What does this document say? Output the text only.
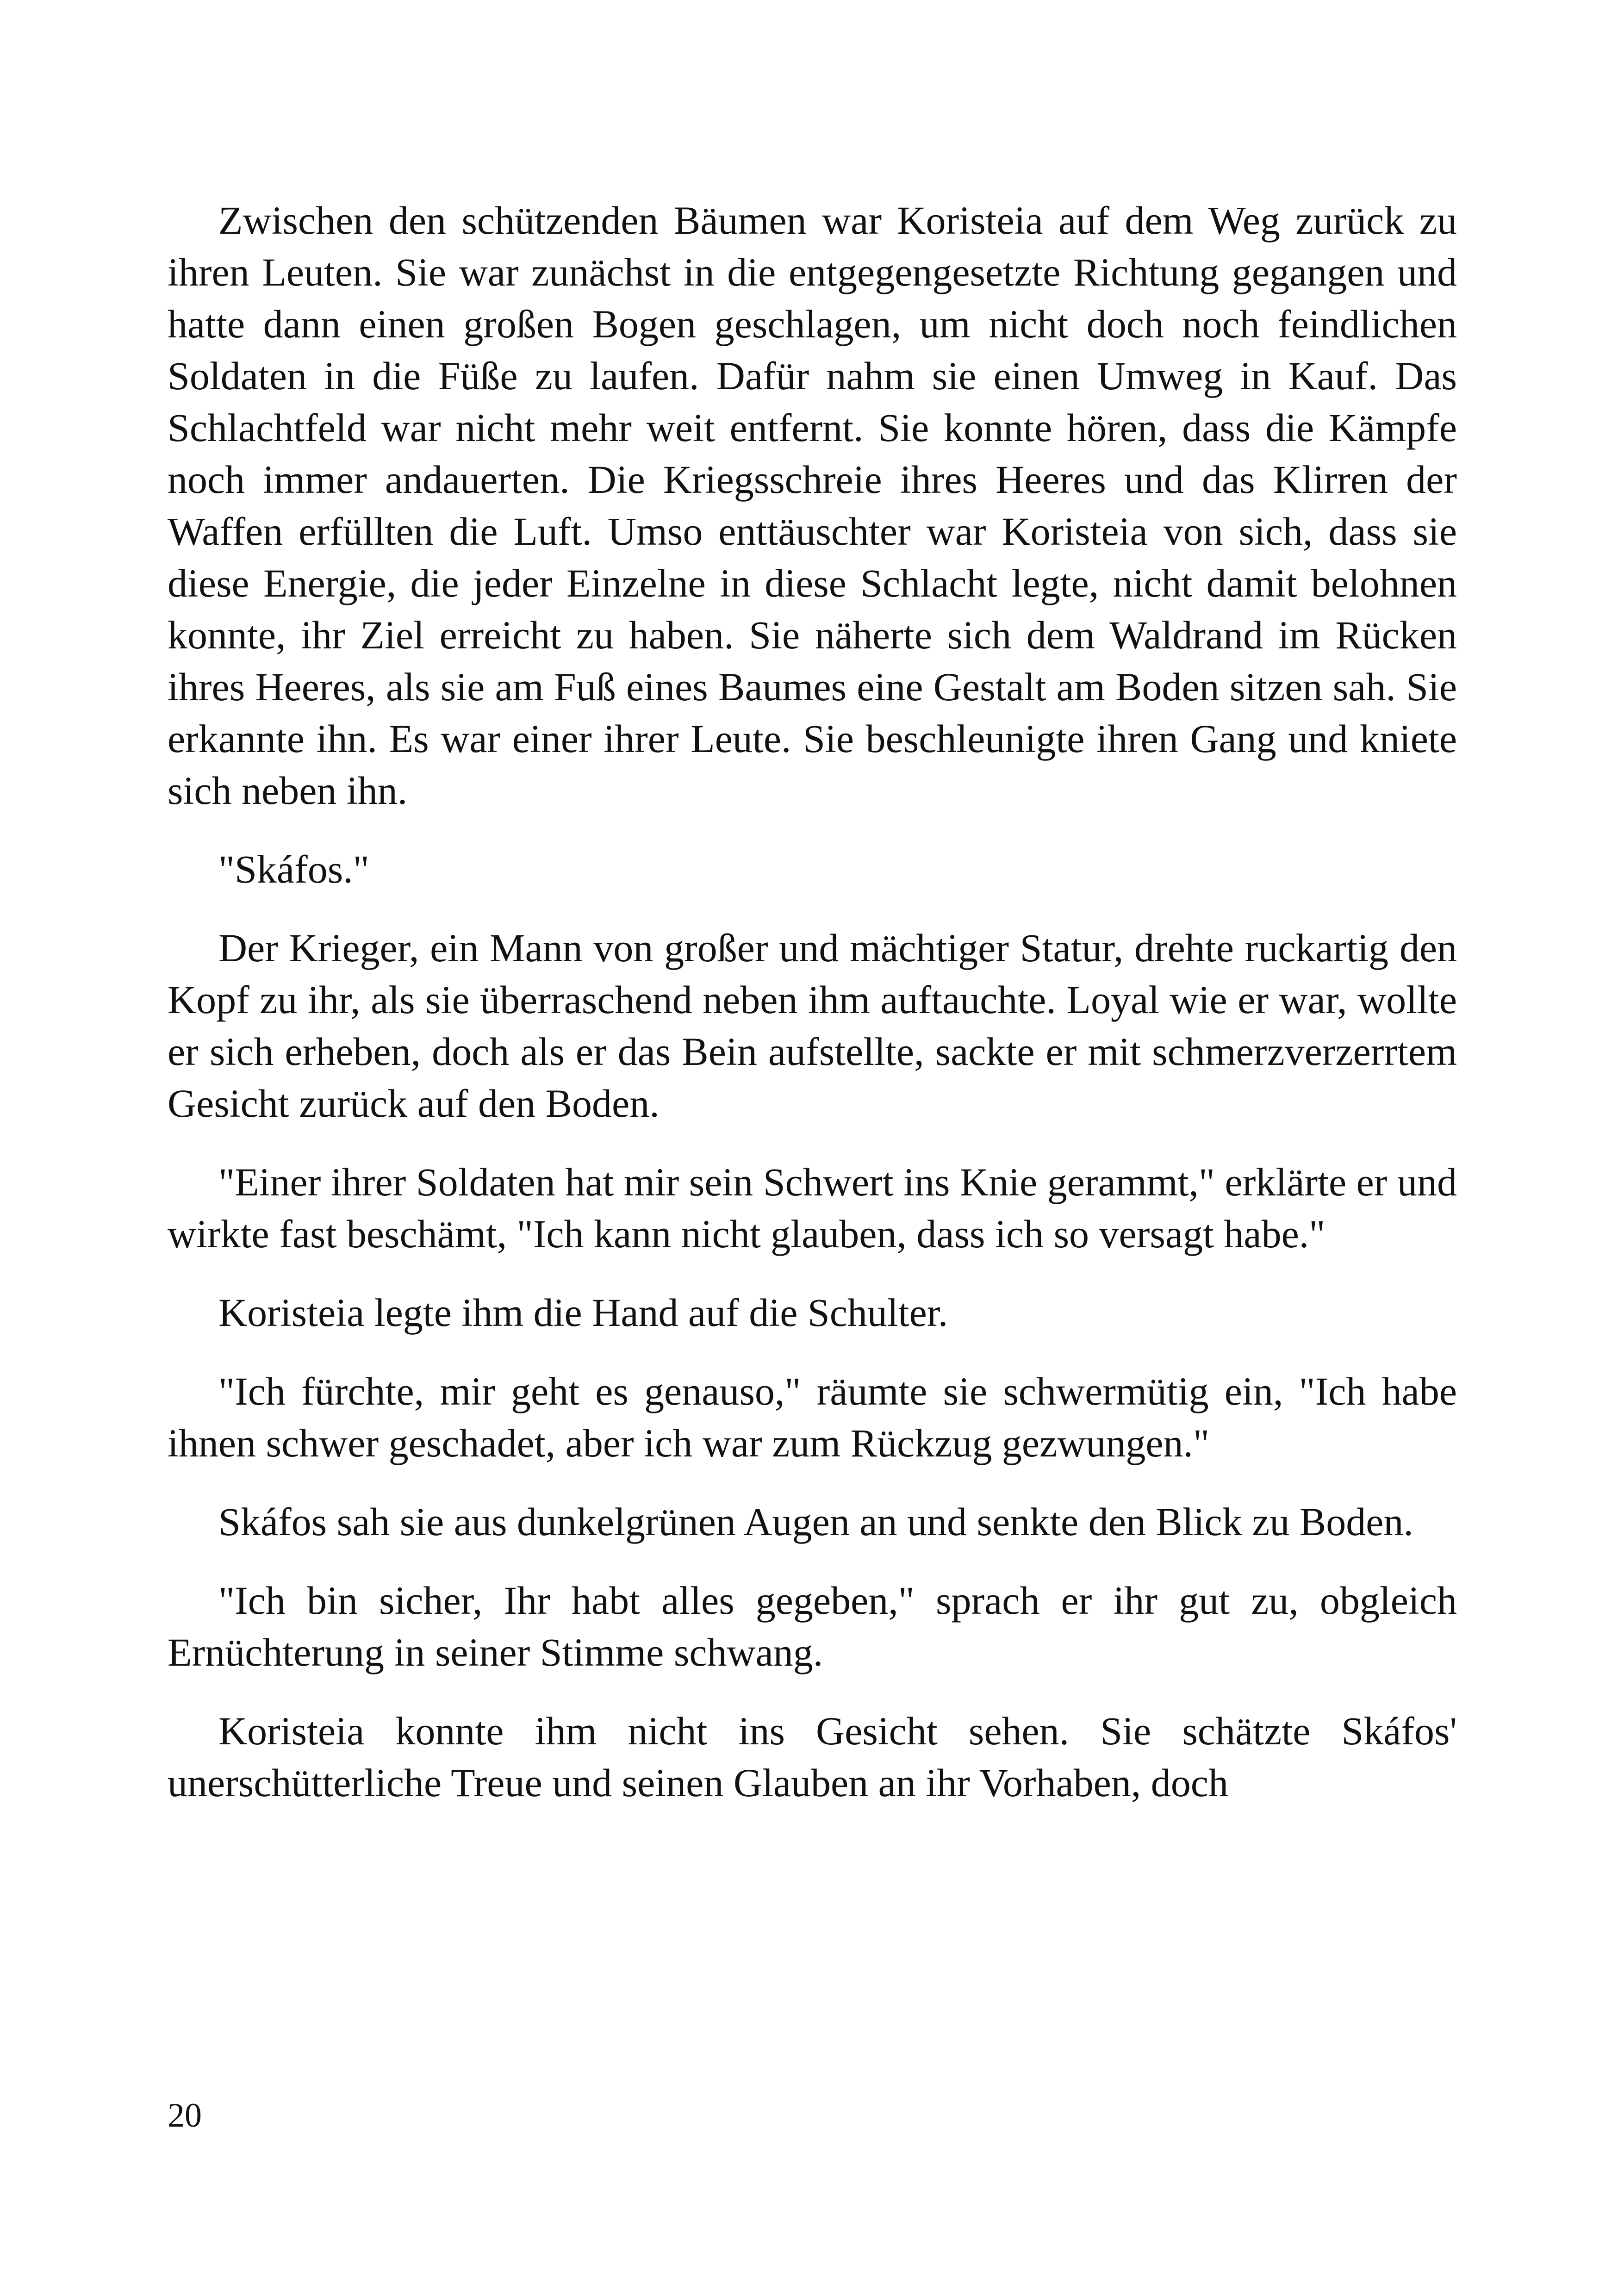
Zwischen den schützenden Bäumen war Koristeia auf dem Weg zurück zu ihren Leuten. Sie war zunächst in die entgegengesetzte Richtung gegangen und hatte dann einen großen Bogen geschlagen, um nicht doch noch feindlichen Soldaten in die Füße zu laufen. Dafür nahm sie einen Umweg in Kauf. Das Schlachtfeld war nicht mehr weit entfernt. Sie konnte hören, dass die Kämpfe noch immer andauerten. Die Kriegsschreie ihres Heeres und das Klirren der Waffen erfüllten die Luft. Umso enttäuschter war Koristeia von sich, dass sie diese Energie, die jeder Einzelne in diese Schlacht legte, nicht damit belohnen konnte, ihr Ziel erreicht zu haben. Sie näherte sich dem Waldrand im Rücken ihres Heeres, als sie am Fuß eines Baumes eine Gestalt am Boden sitzen sah. Sie erkannte ihn. Es war einer ihrer Leute. Sie beschleunigte ihren Gang und kniete sich neben ihn.

"Skáfos."

Der Krieger, ein Mann von großer und mächtiger Statur, drehte ruckartig den Kopf zu ihr, als sie überraschend neben ihm auftauchte. Loyal wie er war, wollte er sich erheben, doch als er das Bein aufstellte, sackte er mit schmerzverzerrtem Gesicht zurück auf den Boden.

"Einer ihrer Soldaten hat mir sein Schwert ins Knie gerammt," erklärte er und wirkte fast beschämt, "Ich kann nicht glauben, dass ich so versagt habe."

Koristeia legte ihm die Hand auf die Schulter.

"Ich fürchte, mir geht es genauso," räumte sie schwermütig ein, "Ich habe ihnen schwer geschadet, aber ich war zum Rückzug gezwungen."

Skáfos sah sie aus dunkelgrünen Augen an und senkte den Blick zu Boden.

"Ich bin sicher, Ihr habt alles gegeben," sprach er ihr gut zu, obgleich Ernüchterung in seiner Stimme schwang.

Koristeia konnte ihm nicht ins Gesicht sehen. Sie schätzte Skáfos' unerschütterliche Treue und seinen Glauben an ihr Vorhaben, doch

20
